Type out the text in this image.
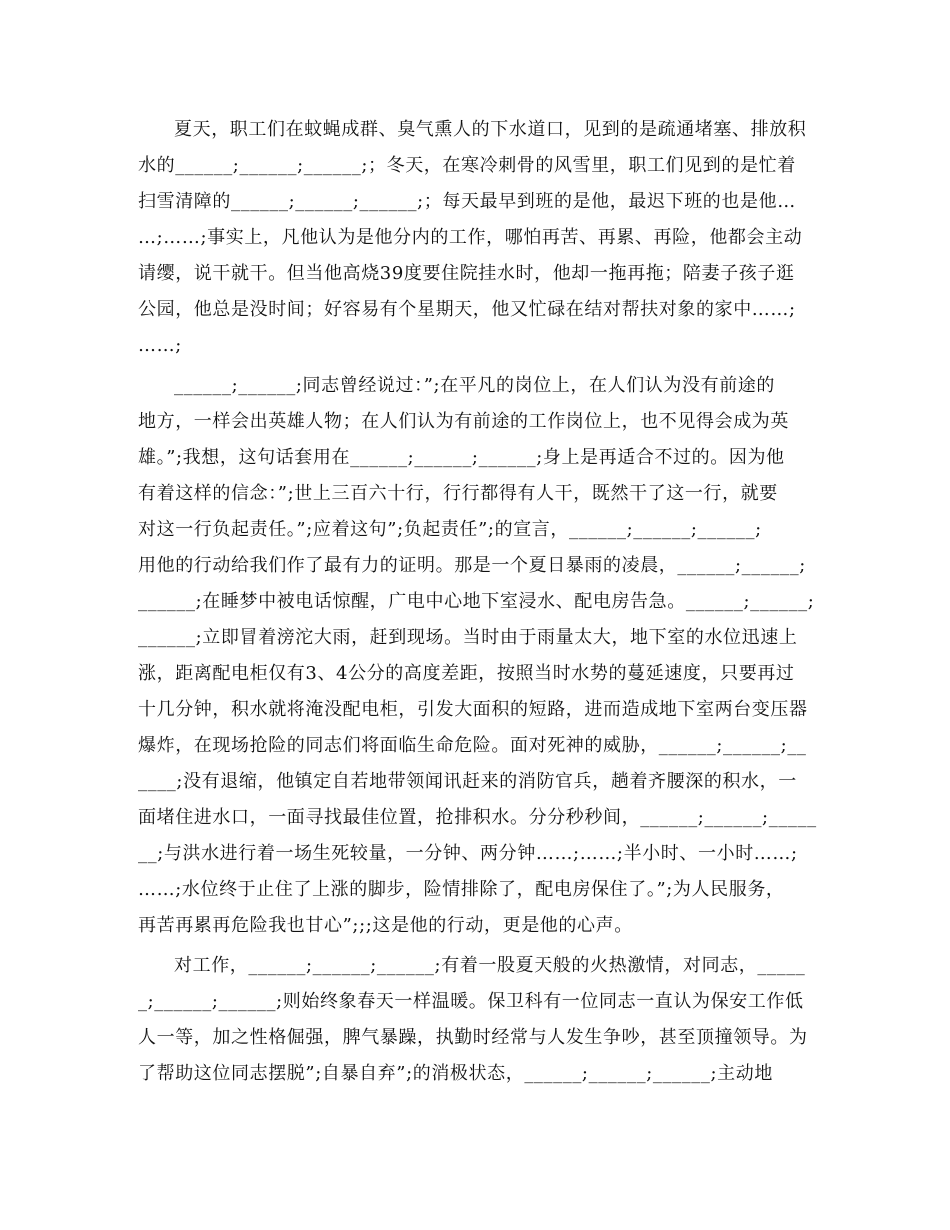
夏天，职工们在蚊蝇成群、臭气熏人的下水道口，见到的是疏通堵塞、排放积
水的______;______;______;；冬天，在寒冷刺骨的风雪里，职工们见到的是忙着
扫雪清障的______;______;______;；每天最早到班的是他，最迟下班的也是他…
…;……;事实上，凡他认为是他分内的工作，哪怕再苦、再累、再险，他都会主动
请缨，说干就干。但当他高烧39度要住院挂水时，他却一拖再拖；陪妻子孩子逛
公园，他总是没时间；好容易有个星期天，他又忙碌在结对帮扶对象的家中……;
……;
______;______;同志曾经说过：”;在平凡的岗位上，在人们认为没有前途的
地方，一样会出英雄人物；在人们认为有前途的工作岗位上，也不见得会成为英
雄。”;我想，这句话套用在______;______;______;身上是再适合不过的。因为他
有着这样的信念：”;世上三百六十行，行行都得有人干，既然干了这一行，就要
对这一行负起责任。”;应着这句”;负起责任”;的宣言，______;______;______;
用他的行动给我们作了最有力的证明。那是一个夏日暴雨的凌晨，______;______;
______;在睡梦中被电话惊醒，广电中心地下室浸水、配电房告急。______;______;
______;立即冒着滂沱大雨，赶到现场。当时由于雨量太大，地下室的水位迅速上
涨，距离配电柜仅有3、4公分的高度差距，按照当时水势的蔓延速度，只要再过
十几分钟，积水就将淹没配电柜，引发大面积的短路，进而造成地下室两台变压器
爆炸，在现场抢险的同志们将面临生命危险。面对死神的威胁，______;______;__
____;没有退缩，他镇定自若地带领闻讯赶来的消防官兵，趟着齐腰深的积水，一
面堵住进水口，一面寻找最佳位置，抢排积水。分分秒秒间，______;______;_____
__;与洪水进行着一场生死较量，一分钟、两分钟……;……;半小时、一小时……;
……;水位终于止住了上涨的脚步，险情排除了，配电房保住了。”;为人民服务，
再苦再累再危险我也甘心”;;;这是他的行动，更是他的心声。
对工作，______;______;______;有着一股夏天般的火热激情，对同志，_____
_;______;______;则始终象春天一样温暖。保卫科有一位同志一直认为保安工作低
人一等，加之性格倔强，脾气暴躁，执勤时经常与人发生争吵，甚至顶撞领导。为
了帮助这位同志摆脱”;自暴自弃”;的消极状态，______;______;______;主动地
